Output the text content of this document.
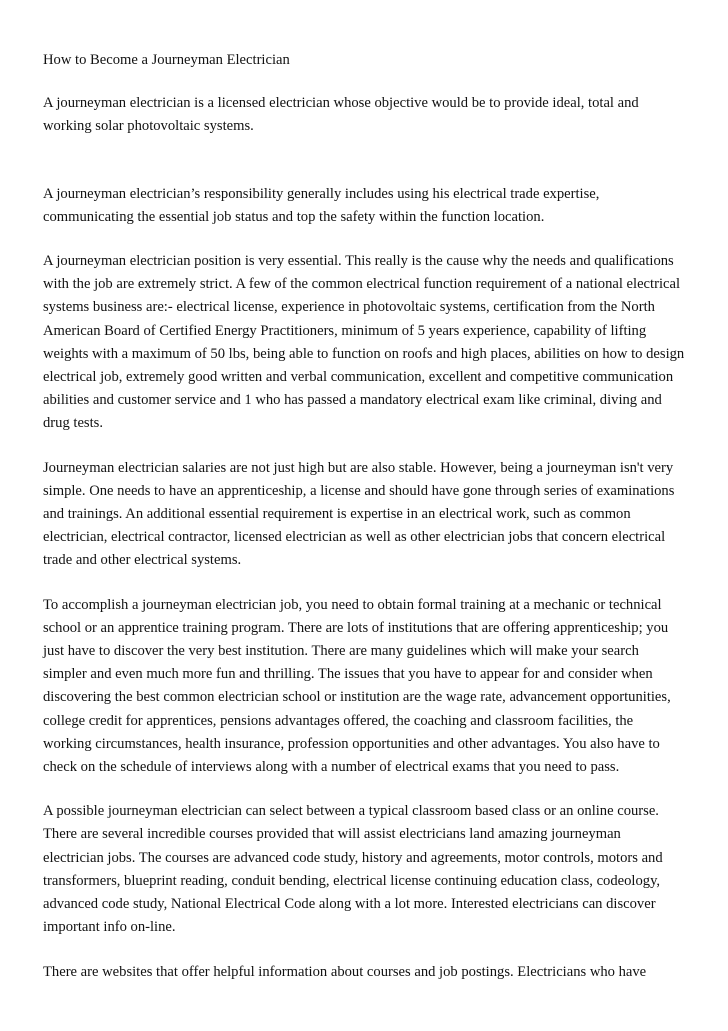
How to Become a Journeyman Electrician

A journeyman electrician is a licensed electrician whose objective would be to provide ideal, total and working solar photovoltaic systems.

A journeyman electrician’s responsibility generally includes using his electrical trade expertise, communicating the essential job status and top the safety within the function location.

A journeyman electrician position is very essential. This really is the cause why the needs and qualifications with the job are extremely strict. A few of the common electrical function requirement of a national electrical systems business are:- electrical license, experience in photovoltaic systems, certification from the North American Board of Certified Energy Practitioners, minimum of 5 years experience, capability of lifting weights with a maximum of 50 lbs, being able to function on roofs and high places, abilities on how to design electrical job, extremely good written and verbal communication, excellent and competitive communication abilities and customer service and 1 who has passed a mandatory electrical exam like criminal, diving and drug tests.

Journeyman electrician salaries are not just high but are also stable. However, being a journeyman isn't very simple. One needs to have an apprenticeship, a license and should have gone through series of examinations and trainings. An additional essential requirement is expertise in an electrical work, such as common electrician, electrical contractor, licensed electrician as well as other electrician jobs that concern electrical trade and other electrical systems.

To accomplish a journeyman electrician job, you need to obtain formal training at a mechanic or technical school or an apprentice training program. There are lots of institutions that are offering apprenticeship; you just have to discover the very best institution. There are many guidelines which will make your search simpler and even much more fun and thrilling. The issues that you have to appear for and consider when discovering the best common electrician school or institution are the wage rate, advancement opportunities, college credit for apprentices, pensions advantages offered, the coaching and classroom facilities, the working circumstances, health insurance, profession opportunities and other advantages. You also have to check on the schedule of interviews along with a number of electrical exams that you need to pass.

A possible journeyman electrician can select between a typical classroom based class or an online course. There are several incredible courses provided that will assist electricians land amazing journeyman electrician jobs. The courses are advanced code study, history and agreements, motor controls, motors and transformers, blueprint reading, conduit bending, electrical license continuing education class, codeology, advanced code study, National Electrical Code along with a lot more. Interested electricians can discover important info on-line.

There are websites that offer helpful information about courses and job postings. Electricians who have
